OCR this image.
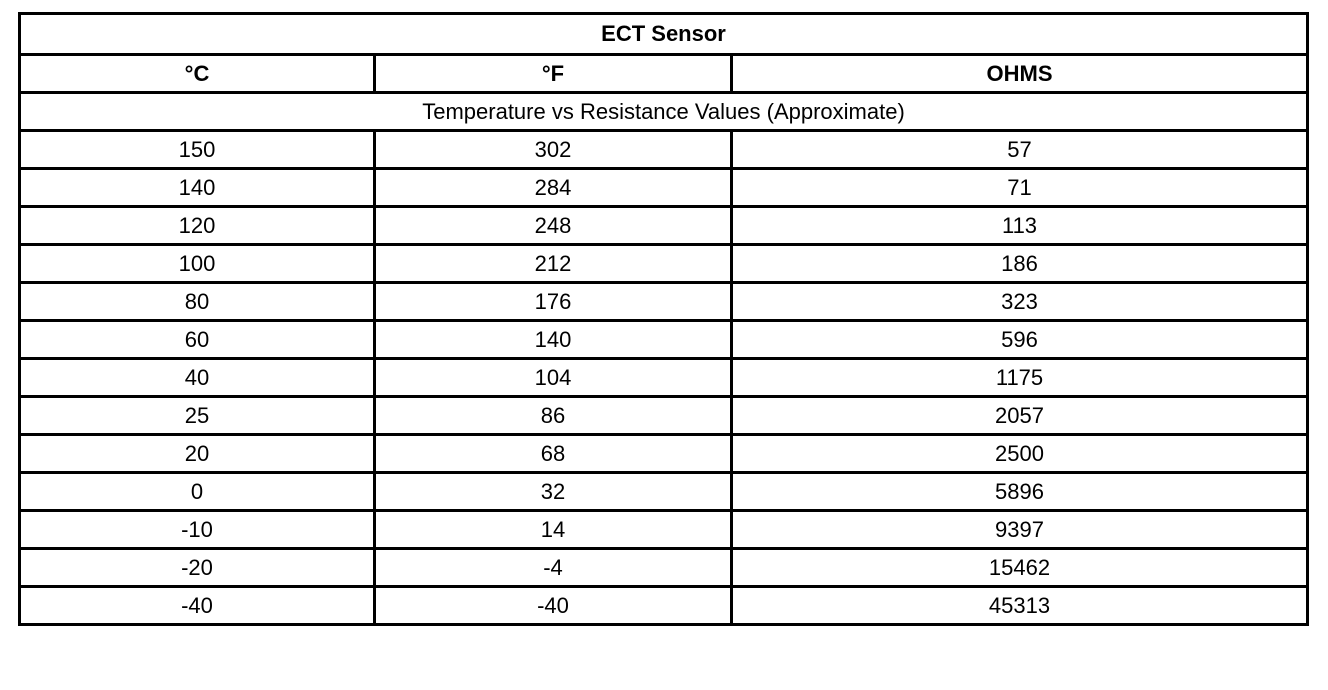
ECT Sensor		
°C	°F	OHMS
Temperature vs Resistance Values (Approximate)		
150	302	57
140	284	71
120	248	113
100	212	186
80	176	323
60	140	596
40	104	1175
25	86	2057
20	68	2500
0	32	5896
-10	14	9397
-20	-4	15462
-40	-40	45313
